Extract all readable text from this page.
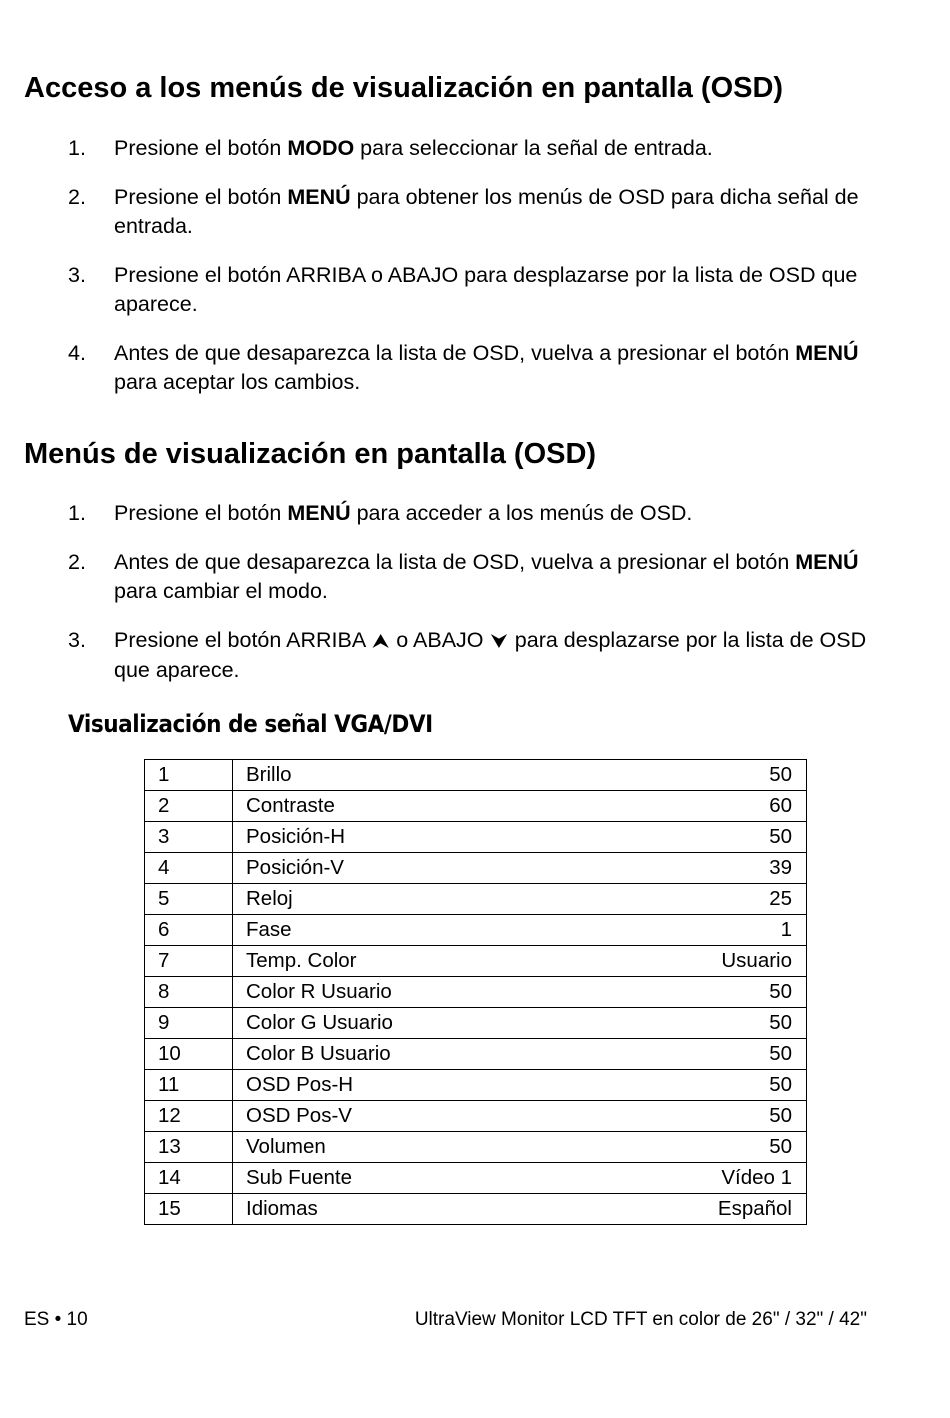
Acceso a los menús de visualización en pantalla (OSD)
1. Presione el botón MODO para seleccionar la señal de entrada.
2. Presione el botón MENÚ para obtener los menús de OSD para dicha señal de entrada.
3. Presione el botón ARRIBA o ABAJO para desplazarse por la lista de OSD que aparece.
4. Antes de que desaparezca la lista de OSD, vuelva a presionar el botón MENÚ para aceptar los cambios.
Menús de visualización en pantalla (OSD)
1. Presione el botón MENÚ para acceder a los menús de OSD.
2. Antes de que desaparezca la lista de OSD, vuelva a presionar el botón MENÚ para cambiar el modo.
3. Presione el botón ARRIBA ⮝ o ABAJO ⮟ para desplazarse por la lista de OSD que aparece.
Visualización de señal VGA/DVI
1	Brillo	50
2	Contraste	60
3	Posición-H	50
4	Posición-V	39
5	Reloj	25
6	Fase	1
7	Temp. Color	Usuario
8	Color R Usuario	50
9	Color G Usuario	50
10	Color B Usuario	50
11	OSD Pos-H	50
12	OSD Pos-V	50
13	Volumen	50
14	Sub Fuente	Vídeo 1
15	Idiomas	Español
ES • 10	UltraView Monitor LCD TFT en color de 26" / 32" / 42"
